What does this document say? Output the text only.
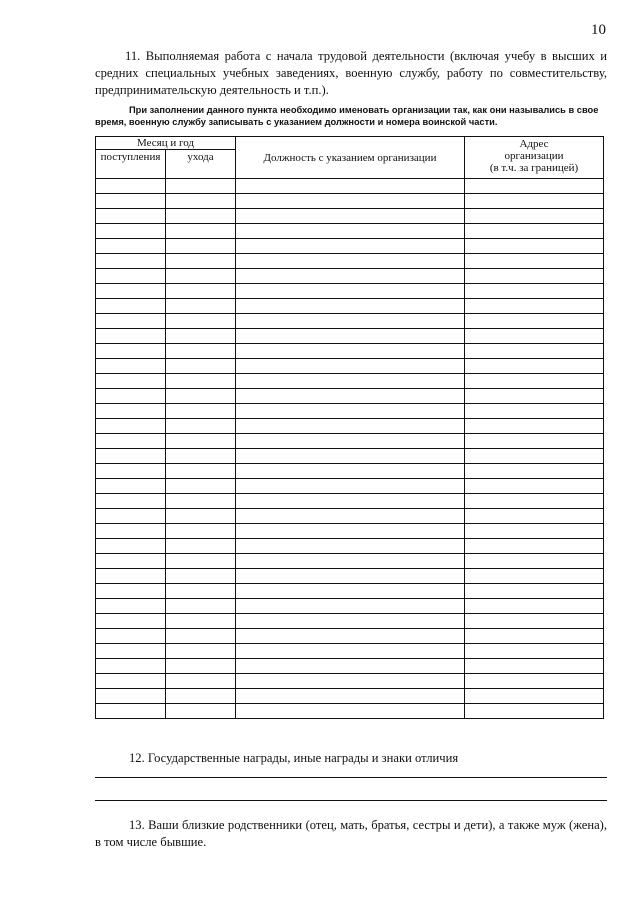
10
11. Выполняемая работа с начала трудовой деятельности (включая учебу в высших и средних специальных учебных заведениях, военную службу, работу по совместительству, предпринимательскую деятельность и т.п.).
При заполнении данного пункта необходимо именовать организации так, как они назывались в свое время, военную службу записывать с указанием должности и номера воинской части.
Месяц и год		Должность с указанием организации	Адрес
организации
(в т.ч. за границей)

поступления	ухода		

12. Государственные награды, иные награды и знаки отличия
13. Ваши близкие родственники (отец, мать, братья, сестры и дети), а также муж (жена), в том числе бывшие.
